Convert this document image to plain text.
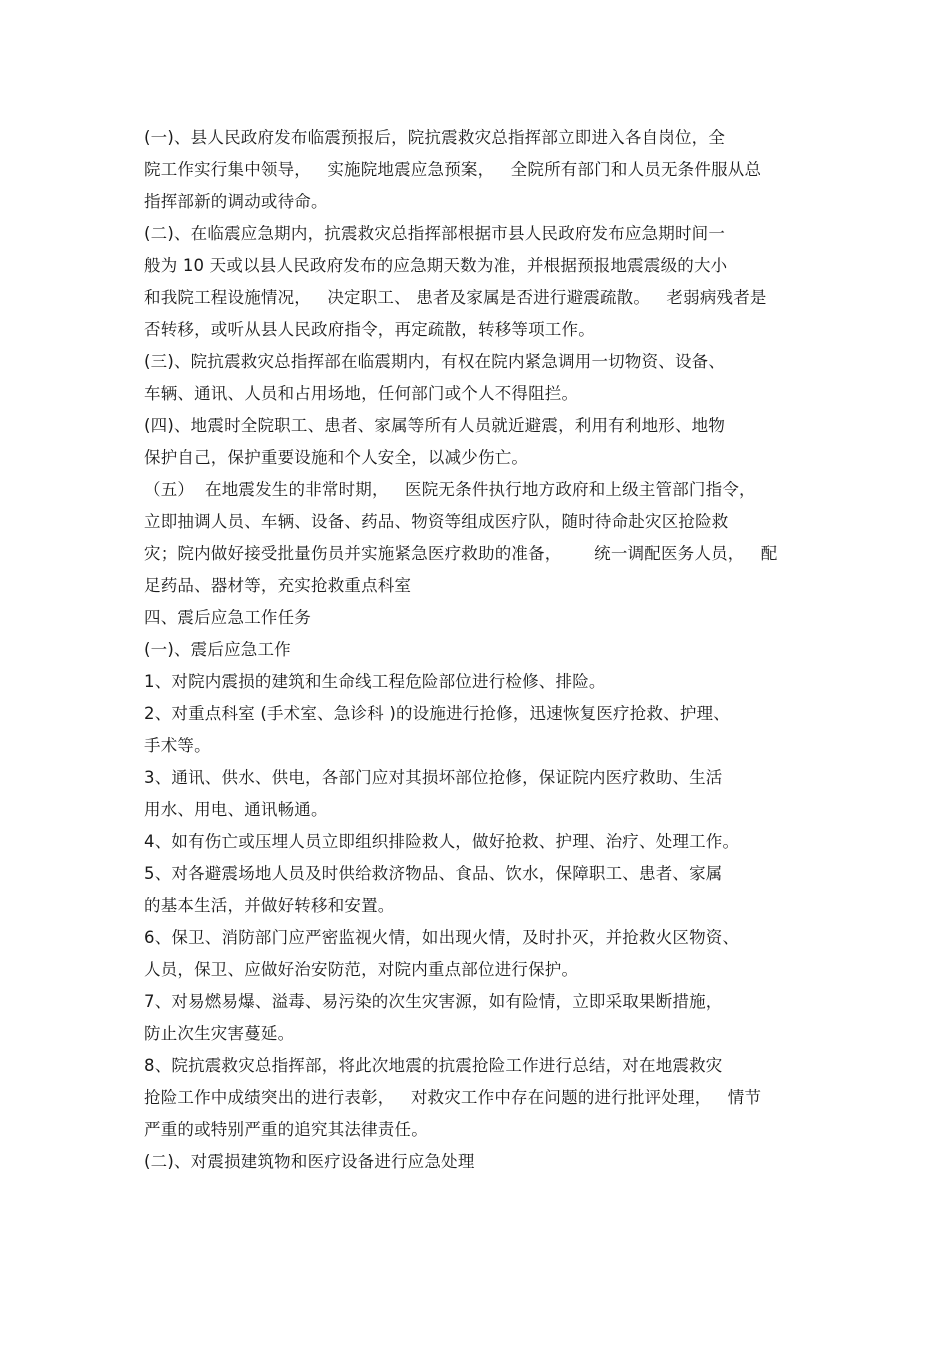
(一)、县人民政府发布临震预报后，院抗震救灾总指挥部立即进入各自岗位，全
院工作实行集中领导，   实施院地震应急预案，   全院所有部门和人员无条件服从总
指挥部新的调动或待命。
(二)、在临震应急期内，抗震救灾总指挥部根据市县人民政府发布应急期时间一
般为 10 天或以县人民政府发布的应急期天数为准，并根据预报地震震级的大小
和我院工程设施情况，   决定职工、 患者及家属是否进行避震疏散。   老弱病残者是
否转移，或听从县人民政府指令，再定疏散，转移等项工作。
(三)、院抗震救灾总指挥部在临震期内，有权在院内紧急调用一切物资、设备、
车辆、通讯、人员和占用场地，任何部门或个人不得阻拦。
(四)、地震时全院职工、患者、家属等所有人员就近避震，利用有利地形、地物
保护自己，保护重要设施和个人安全，以减少伤亡。
（五）  在地震发生的非常时期，   医院无条件执行地方政府和上级主管部门指令，
立即抽调人员、车辆、设备、药品、物资等组成医疗队，随时待命赴灾区抢险救
灾；院内做好接受批量伤员并实施紧急医疗救助的准备，      统一调配医务人员，   配
足药品、器材等，充实抢救重点科室
四、震后应急工作任务
(一)、震后应急工作
1、对院内震损的建筑和生命线工程危险部位进行检修、排险。
2、对重点科室 (手术室、急诊科 )的设施进行抢修，迅速恢复医疗抢救、护理、
手术等。
3、通讯、供水、供电，各部门应对其损坏部位抢修，保证院内医疗救助、生活
用水、用电、通讯畅通。
4、如有伤亡或压埋人员立即组织排险救人，做好抢救、护理、治疗、处理工作。
5、对各避震场地人员及时供给救济物品、食品、饮水，保障职工、患者、家属
的基本生活，并做好转移和安置。
6、保卫、消防部门应严密监视火情，如出现火情，及时扑灭，并抢救火区物资、
人员，保卫、应做好治安防范，对院内重点部位进行保护。
7、对易燃易爆、溢毒、易污染的次生灾害源，如有险情，立即采取果断措施，
防止次生灾害蔓延。
8、院抗震救灾总指挥部，将此次地震的抗震抢险工作进行总结，对在地震救灾
抢险工作中成绩突出的进行表彰，   对救灾工作中存在问题的进行批评处理，   情节
严重的或特别严重的追究其法律责任。
(二)、对震损建筑物和医疗设备进行应急处理
